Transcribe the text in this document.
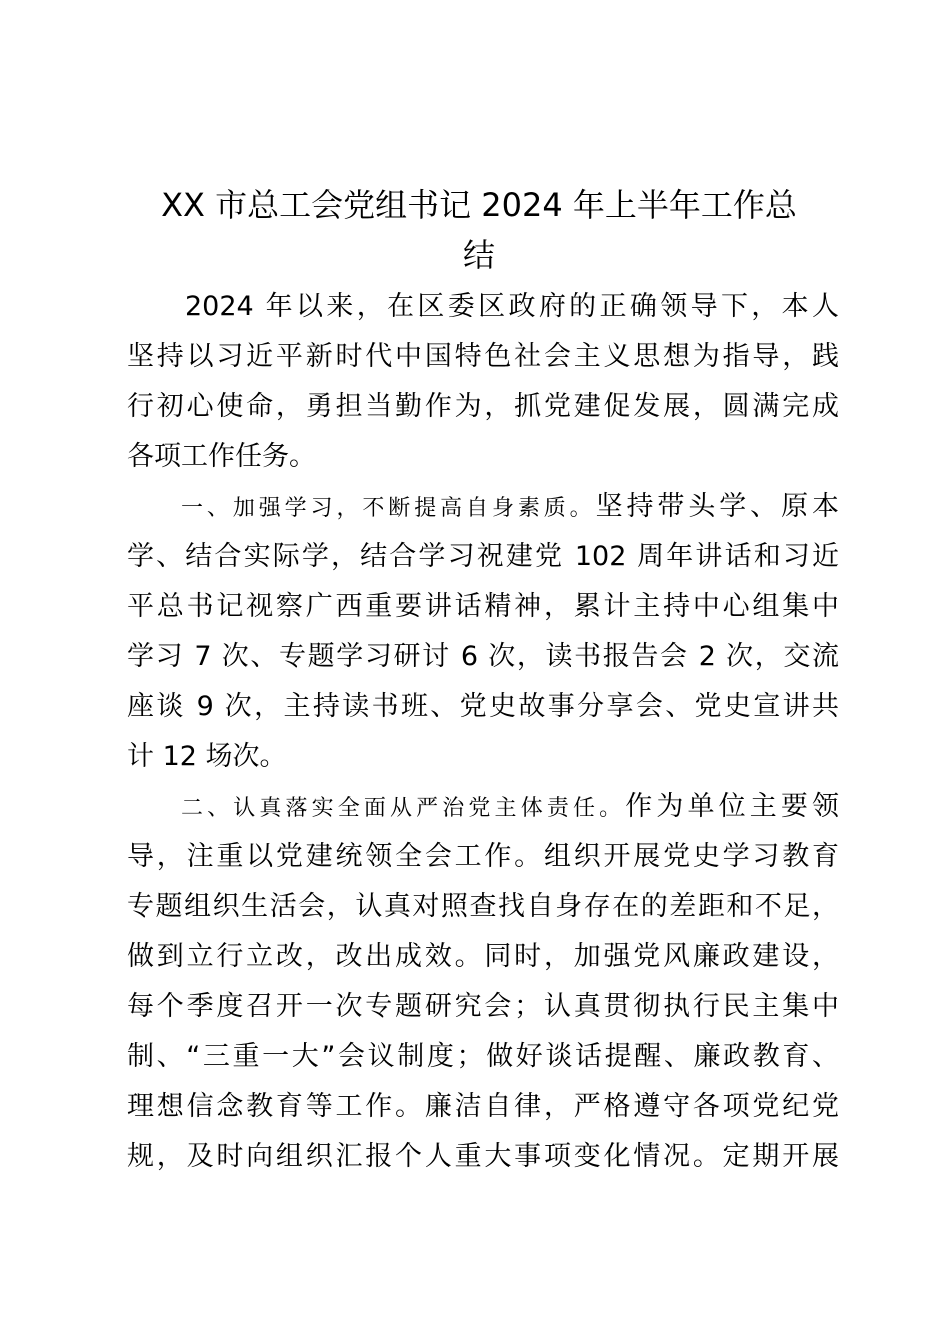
XX 市总工会党组书记 2024 年上半年工作总
结
2024 年以来，在区委区政府的正确领导下，本人
坚持以习近平新时代中国特色社会主义思想为指导，践
行初心使命，勇担当勤作为，抓党建促发展，圆满完成
各项工作任务。
一、加强学习，不断提高自身素质。坚持带头学、原本
学、结合实际学，结合学习祝建党 102 周年讲话和习近
平总书记视察广西重要讲话精神，累计主持中心组集中
学习 7 次、专题学习研讨 6 次，读书报告会 2 次，交流
座谈 9 次，主持读书班、党史故事分享会、党史宣讲共
计 12 场次。
二、认真落实全面从严治党主体责任。作为单位主要领
导，注重以党建统领全会工作。组织开展党史学习教育
专题组织生活会，认真对照查找自身存在的差距和不足，
做到立行立改，改出成效。同时，加强党风廉政建设，
每个季度召开一次专题研究会；认真贯彻执行民主集中
制、“三重一大”会议制度；做好谈话提醒、廉政教育、
理想信念教育等工作。廉洁自律，严格遵守各项党纪党
规，及时向组织汇报个人重大事项变化情况。定期开展
